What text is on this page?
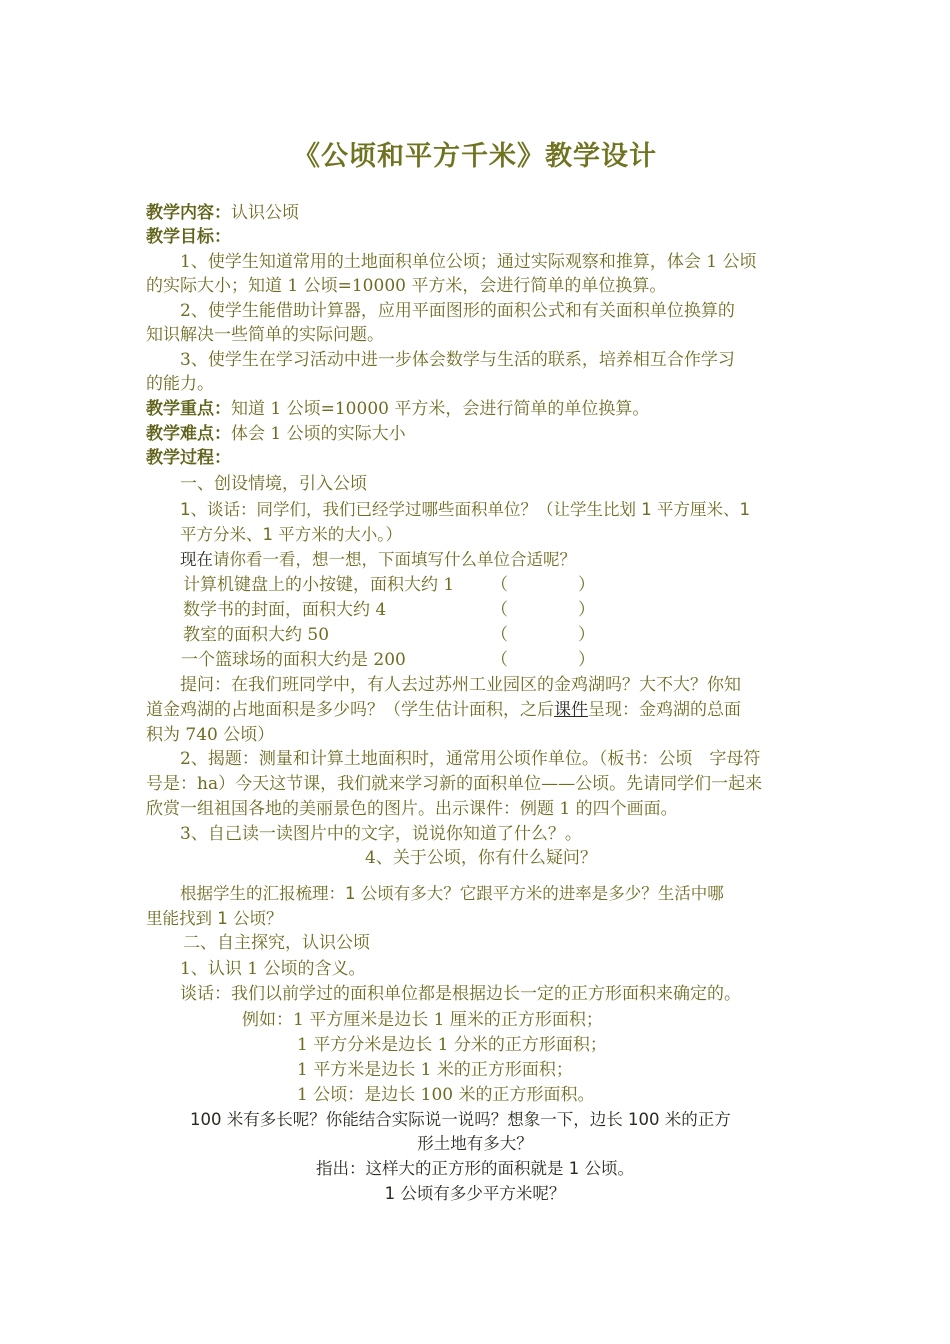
《公顷和平方千米》教学设计
教学内容：认识公顷
教学目标：
1、使学生知道常用的土地面积单位公顷；通过实际观察和推算，体会 1 公顷
的实际大小；知道 1 公顷=10000 平方米，会进行简单的单位换算。
2、使学生能借助计算器，应用平面图形的面积公式和有关面积单位换算的
知识解决一些简单的实际问题。
3、使学生在学习活动中进一步体会数学与生活的联系，培养相互合作学习
的能力。
教学重点：知道 1 公顷=10000 平方米，会进行简单的单位换算。
教学难点：体会 1 公顷的实际大小
教学过程：
一、创设情境，引入公顷
1、谈话：同学们，我们已经学过哪些面积单位？（让学生比划 1 平方厘米、1
平方分米、1 平方米的大小。）
现在请你看一看，想一想，下面填写什么单位合适呢？
计算机键盘上的小按键，面积大约 1 （	）
数学书的封面，面积大约 4	（	）
教室的面积大约 50	（	）
一个篮球场的面积大约是 200	（	）
提问：在我们班同学中，有人去过苏州工业园区的金鸡湖吗？大不大？你知
道金鸡湖的占地面积是多少吗？（学生估计面积，之后课件呈现：金鸡湖的总面
积为 740 公顷）
2、揭题：测量和计算土地面积时，通常用公顷作单位。（板书：公顷　字母符
号是：ha）今天这节课，我们就来学习新的面积单位——公顷。先请同学们一起来
欣赏一组祖国各地的美丽景色的图片。出示课件：例题 1 的四个画面。
3、自己读一读图片中的文字，说说你知道了什么？。
4、关于公顷，你有什么疑问？
根据学生的汇报梳理：1 公顷有多大？它跟平方米的进率是多少？生活中哪
里能找到 1 公顷？
二、自主探究，认识公顷
1、认识 1 公顷的含义。
谈话：我们以前学过的面积单位都是根据边长一定的正方形面积来确定的。
例如：1 平方厘米是边长 1 厘米的正方形面积；
1 平方分米是边长 1 分米的正方形面积；
1 平方米是边长 1 米的正方形面积；
1 公顷：是边长 100 米的正方形面积。
100 米有多长呢？你能结合实际说一说吗？想象一下，边长 100 米的正方
形土地有多大？
指出：这样大的正方形的面积就是 1 公顷。
1 公顷有多少平方米呢？
